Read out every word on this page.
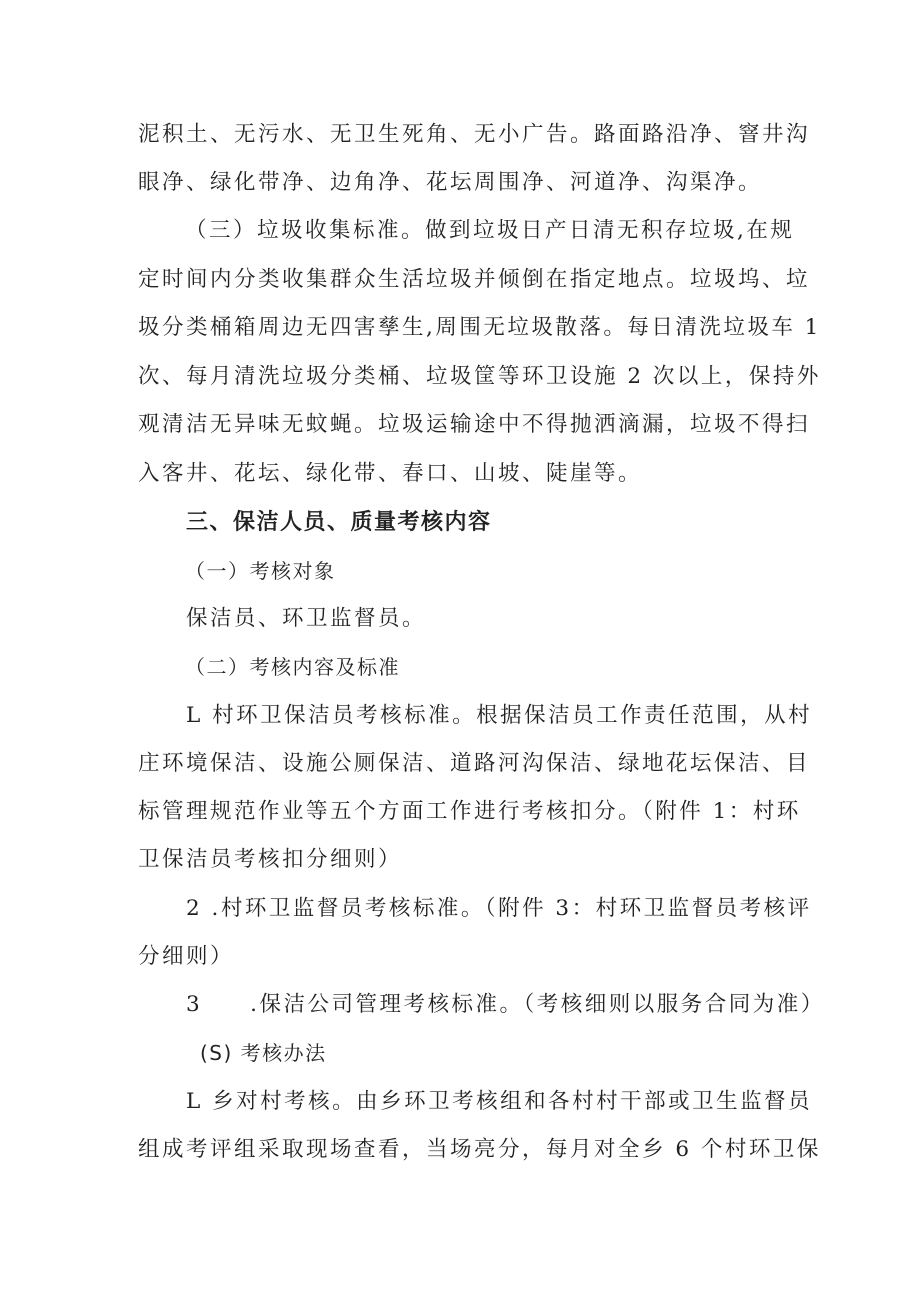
泥积土、无污水、无卫生死角、无小广告。路面路沿净、窨井沟
眼净、绿化带净、边角净、花坛周围净、河道净、沟渠净。
（三）垃圾收集标准。做到垃圾日产日清无积存垃圾,在规
定时间内分类收集群众生活垃圾并倾倒在指定地点。垃圾坞、垃
圾分类桶箱周边无四害孳生,周围无垃圾散落。每日清洗垃圾车 1
次、每月清洗垃圾分类桶、垃圾筐等环卫设施 2 次以上，保持外
观清洁无异味无蚊蝇。垃圾运输途中不得抛洒滴漏，垃圾不得扫
入客井、花坛、绿化带、春口、山坡、陡崖等。
三、保洁人员、质量考核内容
（一）考核对象
保洁员、环卫监督员。
（二）考核内容及标准
L 村环卫保洁员考核标准。根据保洁员工作责任范围，从村
庄环境保洁、设施公厕保洁、道路河沟保洁、绿地花坛保洁、目
标管理规范作业等五个方面工作进行考核扣分。（附件 1：村环
卫保洁员考核扣分细则）
2 .村环卫监督员考核标准。（附件 3：村环卫监督员考核评
分细则）
3　　.保洁公司管理考核标准。（考核细则以服务合同为准）
(S) 考核办法
L 乡对村考核。由乡环卫考核组和各村村干部或卫生监督员
组成考评组采取现场查看，当场亮分，每月对全乡 6 个村环卫保
